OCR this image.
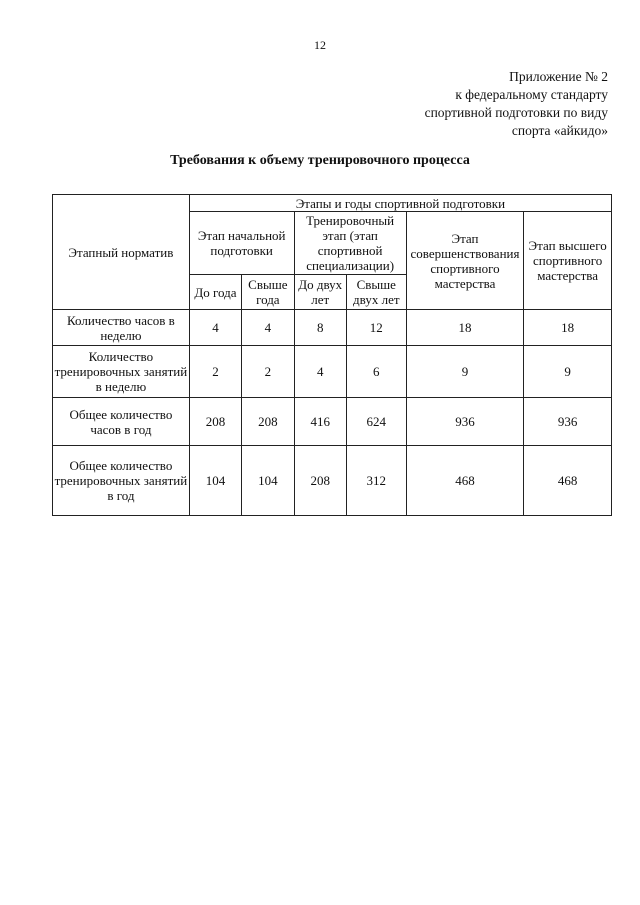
12
Приложение № 2
к федеральному стандарту
спортивной подготовки по виду
спорта «айкидо»
Требования к объему тренировочного процесса
Этапный норматив	Этапы и годы спортивной подготовки					
	Этап начальной подготовки		Тренировочный этап (этап спортивной специализации)		Этап совершенствования спортивного мастерства	Этап высшего спортивного мастерства
	До года	Свыше года	До двух лет	Свыше двух лет		
Количество часов в неделю	4	4	8	12	18	18
Количество тренировочных занятий в неделю	2	2	4	6	9	9
Общее количество часов в год	208	208	416	624	936	936
Общее количество тренировочных занятий в год	104	104	208	312	468	468
